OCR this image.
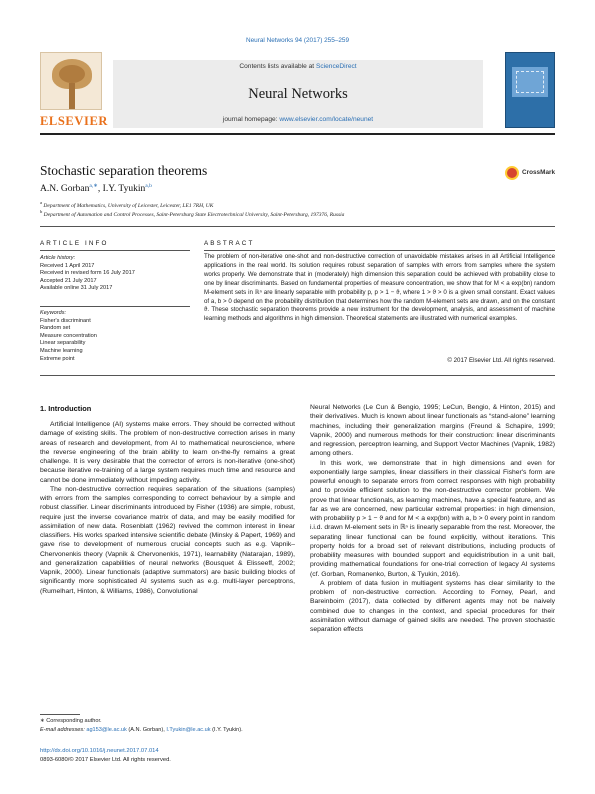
Neural Networks 94 (2017) 255–259
ELSEVIER
Contents lists available at ScienceDirect
Neural Networks
journal homepage: www.elsevier.com/locate/neunet
Stochastic separation theorems	CrossMark
A.N. Gorban$^{a,∗}$, I.Y. Tyukin$^{a,b}$
$^a$ Department of Mathematics, University of Leicester, Leicester, LE1 7RH, UK
$^b$ Department of Automation and Control Processes, Saint-Petersburg State Electrotechnical University, Saint-Petersburg, 197376, Russia
ARTICLE INFO
Article history:
Received 1 April 2017
Received in revised form 16 July 2017
Accepted 21 July 2017
Available online 31 July 2017
Keywords:
Fisher's discriminant
Random set
Measure concentration
Linear separability
Machine learning
Extreme point
ABSTRACT
The problem of non-iterative one-shot and non-destructive correction of unavoidable mistakes arises in all Artificial Intelligence applications in the real world. Its solution requires robust separation of samples with errors from samples where the system works properly. We demonstrate that in (moderately) high dimension this separation could be achieved with probability close to one by linear discriminants. Based on fundamental properties of measure concentration, we show that for M < a exp(bn) random M-element sets in ℝⁿ are linearly separable with probability p, p > 1 − ϑ, where 1 > ϑ > 0 is a given small constant. Exact values of a, b > 0 depend on the probability distribution that determines how the random M-element sets are drawn, and on the constant ϑ. These stochastic separation theorems provide a new instrument for the development, analysis, and assessment of machine learning methods and algorithms in high dimension. Theoretical statements are illustrated with numerical examples.
© 2017 Elsevier Ltd. All rights reserved.
1. Introduction

Artificial Intelligence (AI) systems make errors. They should be corrected without damage of existing skills. The problem of non-destructive correction arises in many areas of research and development, from AI to mathematical neuroscience, where the reverse engineering of the brain ability to learn on-the-fly remains a great challenge. It is very desirable that the corrector of errors is non-iterative (one-shot) because iterative re-training of a large system requires much time and resource and cannot be done immediately without impeding activity.

The non-destructive correction requires separation of the situations (samples) with errors from the samples corresponding to correct behaviour by a simple and robust classifier. Linear discriminants introduced by Fisher (1936) are simple, robust, require just the inverse covariance matrix of data, and may be easily modified for assimilation of new data. Rosenblatt (1962) revived the common interest in linear classifiers. His works sparked intensive scientific debate (Minsky & Papert, 1969) and gave rise to development of numerous crucial concepts such as e.g. Vapnik–Chervonenkis theory (Vapnik & Chervonenkis, 1971), learnability (Natarajan, 1989), and generalization capabilities of neural networks (Bousquet & Elisseeff, 2002; Vapnik, 2000). Linear functionals (adaptive summators) are basic building blocks of significantly more sophisticated AI systems such as e.g. multi-layer perceptrons, (Rumelhart, Hinton, & Williams, 1986), Convolutional

Neural Networks (Le Cun & Bengio, 1995; LeCun, Bengio, & Hinton, 2015) and their derivatives. Much is known about linear functionals as “stand-alone” learning machines, including their generalization margins (Freund & Schapire, 1999; Vapnik, 2000) and numerous methods for their construction: linear discriminants and regression, perceptron learning, and Support Vector Machines (Vapnik, 1982) among others.

In this work, we demonstrate that in high dimensions and even for exponentially large samples, linear classifiers in their classical Fisher's form are powerful enough to separate errors from correct responses with high probability and to provide efficient solution to the non-destructive corrector problem. We prove that linear functionals, as learning machines, have a special feature, and as far as we are concerned, new particular extremal properties: in high dimension, with probability p > 1 − ϑ and for M < a exp(bn) with a, b > 0 every point in random i.i.d. drawn M-element sets in ℝⁿ is linearly separable from the rest. Moreover, the separating linear functional can be found explicitly, without iterations. This property holds for a broad set of relevant distributions, including products of probability measures with bounded support and equidistribution in a unit ball, providing mathematical foundations for one-trial correction of legacy AI systems (cf. Gorban, Romanenko, Burton, & Tyukin, 2016).

A problem of data fusion in multiagent systems has clear similarity to the problem of non-destructive correction. According to Forney, Pearl, and Bareinboim (2017), data collected by different agents may not be naively combined due to changes in the context, and special procedures for their assimilation without damage of gained skills are needed. The proven stochastic separation effects

∗ Corresponding author.
E-mail addresses: ag153@le.ac.uk (A.N. Gorban), I.Tyukin@le.ac.uk (I.Y. Tyukin).
http://dx.doi.org/10.1016/j.neunet.2017.07.014
0893-6080/© 2017 Elsevier Ltd. All rights reserved.
